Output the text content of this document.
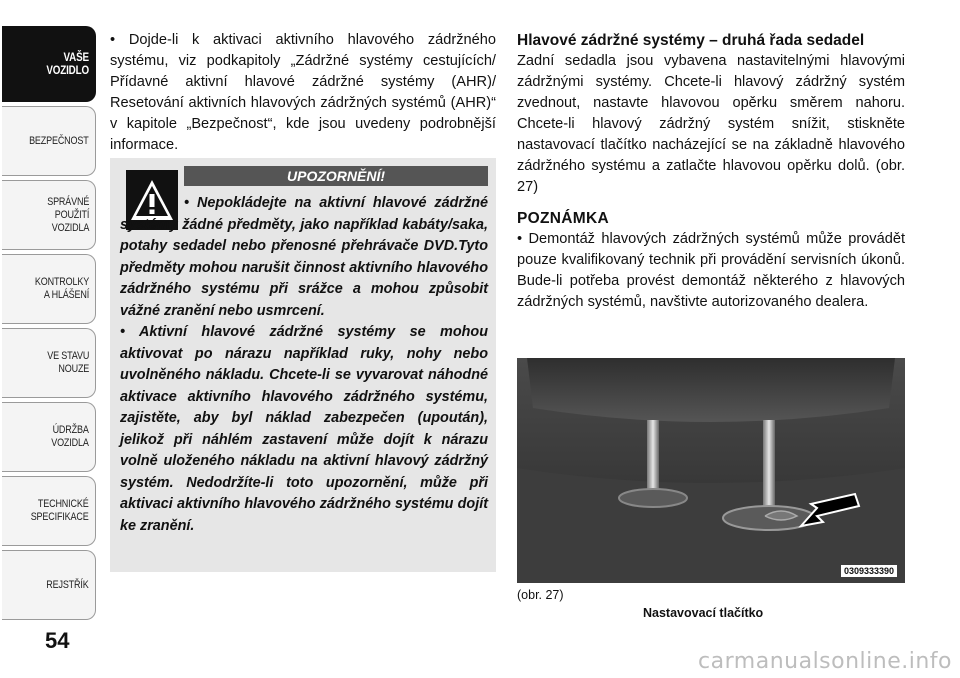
VAŠE
VOZIDLO
BEZPEČNOST
SPRÁVNÉ
POUŽITÍ
VOZIDLA
KONTROLKY
A HLÁŠENÍ
VE STAVU
NOUZE
ÚDRŽBA
VOZIDLA
TECHNICKÉ
SPECIFIKACE
REJSTŘÍK
54

• Dojde-li k aktivaci aktivního hlavového zádržného systému, viz podkapitoly „Zádržné systémy cestujících/ Přídavné aktivní hlavové zádržné systémy (AHR)/ Resetování aktivních hlavových zádržných systémů (AHR)“ v kapitole „Bezpečnost“, kde jsou uvedeny podrobnější informace.

UPOZORNĚNÍ!
• Nepokládejte na aktivní hlavové zádržné systémy žádné předměty, jako například kabáty/saka, potahy sedadel nebo přenosné přehrávače DVD.Tyto předměty mohou narušit činnost aktivního hlavového zádržného systému při srážce a mohou způsobit vážné zranění nebo usmrcení.
• Aktivní hlavové zádržné systémy se mohou aktivovat po nárazu například ruky, nohy nebo uvolněného nákladu. Chcete-li se vyvarovat náhodné aktivace aktivního hlavového zádržného systému, zajistěte, aby byl náklad zabezpečen (upoután), jelikož při náhlém zastavení může dojít k nárazu volně uloženého nákladu na aktivní hlavový zádržný systém. Nedodržíte-li toto upozornění, může při aktivaci aktivního hlavového zádržného systému dojít ke zranění.

Hlavové zádržné systémy – druhá řada sedadel

Zadní sedadla jsou vybavena nastavitelnými hlavovými zádržnými systémy. Chcete-li hlavový zádržný systém zvednout, nastavte hlavovou opěrku směrem nahoru. Chcete-li hlavový zádržný systém snížit, stiskněte nastavovací tlačítko nacházející se na základně hlavového zádržného systému a zatlačte hlavovou opěrku dolů. (obr. 27)

POZNÁMKA

• Demontáž hlavových zádržných systémů může provádět pouze kvalifikovaný technik při provádění servisních úkonů. Bude-li potřeba provést demontáž některého z hlavových zádržných systémů, navštivte autorizovaného dealera.

0309333390
(obr. 27)
Nastavovací tlačítko
carmanualsonline.info
